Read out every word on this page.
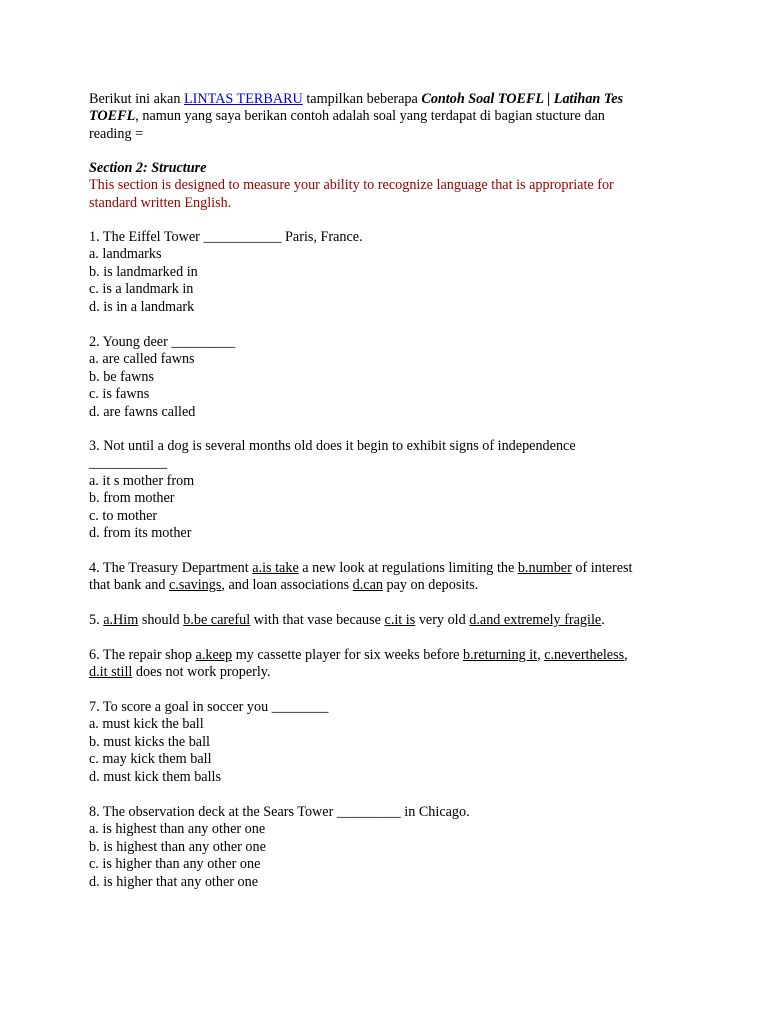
Berikut ini akan LINTAS TERBARU tampilkan beberapa Contoh Soal TOEFL | Latihan Tes
TOEFL, namun yang saya berikan contoh adalah soal yang terdapat di bagian stucture dan
reading =
Section 2: Structure
This section is designed to measure your ability to recognize language that is appropriate for
standard written English.
1. The Eiffel Tower ___________ Paris, France.
a. landmarks
b. is landmarked in
c. is a landmark in
d. is in a landmark
2. Young deer _________
a. are called fawns
b. be fawns
c. is fawns
d. are fawns called
3. Not until a dog is several months old does it begin to exhibit signs of independence
___________
a. it s mother from
b. from mother
c. to mother
d. from its mother
4. The Treasury Department a.is take a new look at regulations limiting the b.number of interest
that bank and c.savings, and loan associations d.can pay on deposits.
5. a.Him should b.be careful with that vase because c.it is very old d.and extremely fragile.
6. The repair shop a.keep my cassette player for six weeks before b.returning it, c.nevertheless,
d.it still does not work properly.
7. To score a goal in soccer you ________
a. must kick the ball
b. must kicks the ball
c. may kick them ball
d. must kick them balls
8. The observation deck at the Sears Tower _________ in Chicago.
a. is highest than any other one
b. is highest than any other one
c. is higher than any other one
d. is higher that any other one
